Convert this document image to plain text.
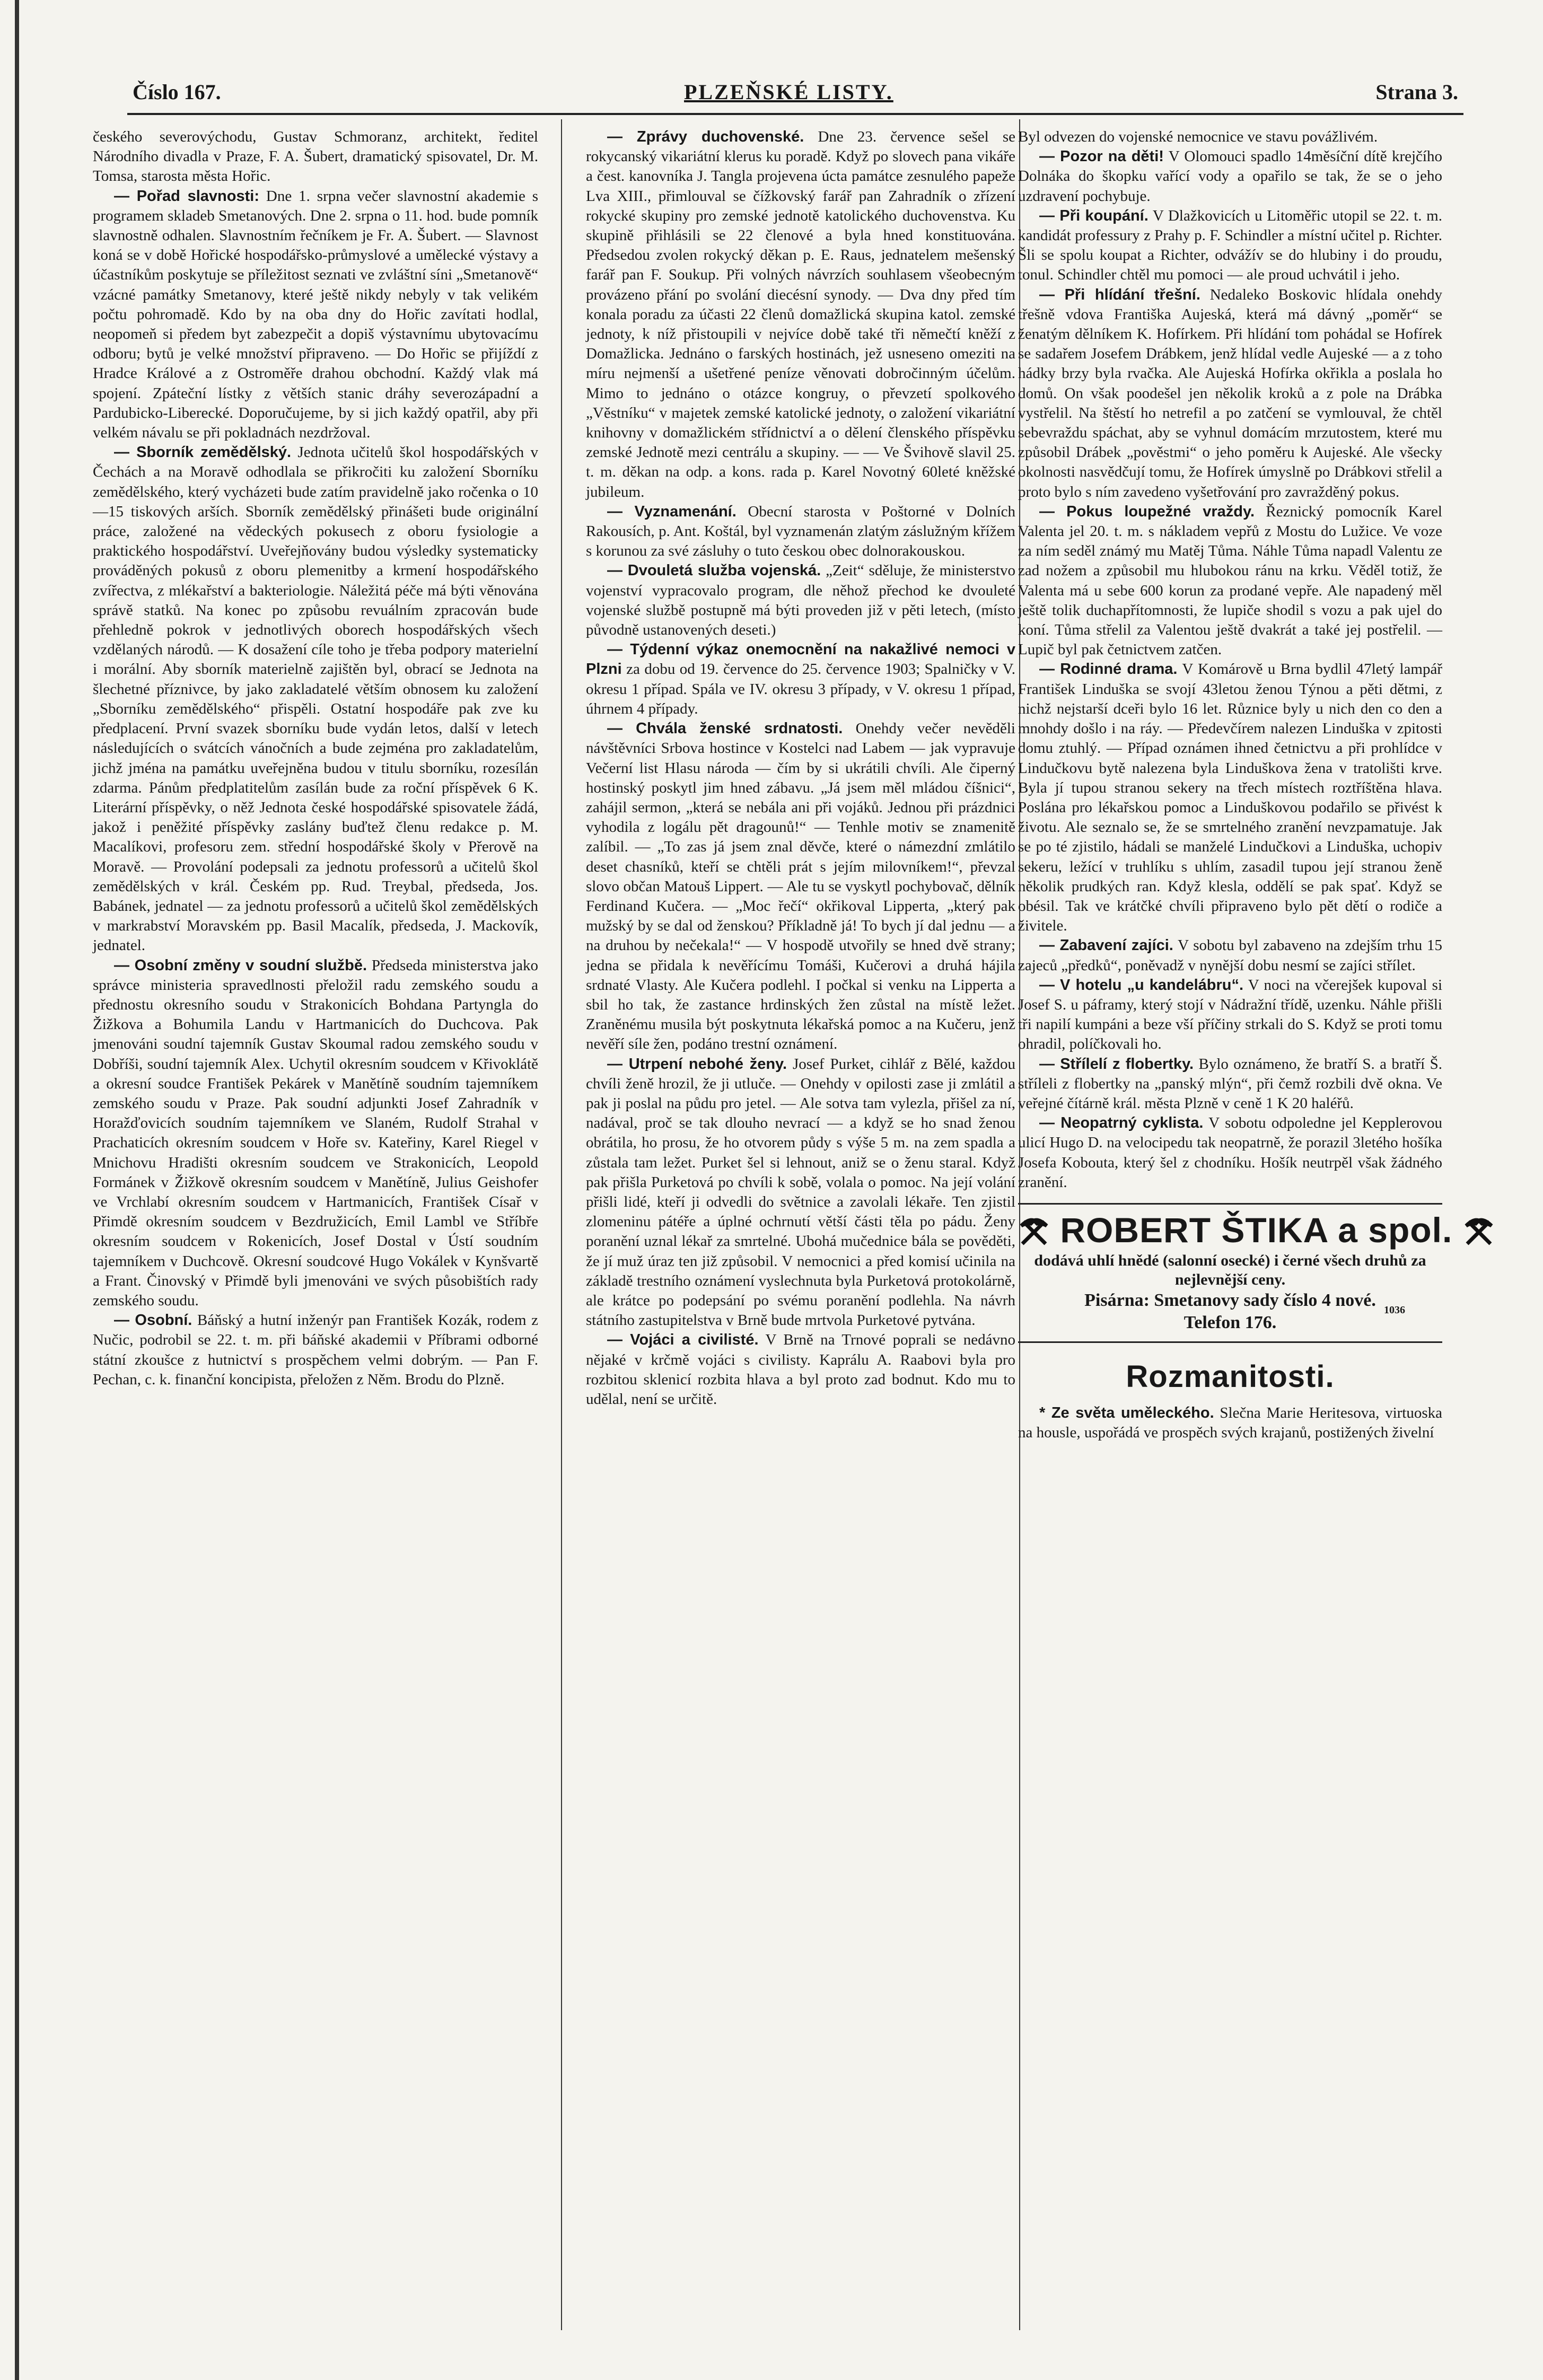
Číslo 167.	PLZEŇSKÉ LISTY.	Strana 3.

českého severovýchodu, Gustav Schmoranz, architekt, ředitel Národního divadla v Praze, F. A. Šubert, dramatický spisovatel, Dr. M. Tomsa, starosta města Hořic.

— Pořad slavnosti: Dne 1. srpna večer slavnostní akademie s programem skladeb Smetanových. Dne 2. srpna o 11. hod. bude pomník slavnostně odhalen. Slavnostním řečníkem je Fr. A. Šubert. — Slavnost koná se v době Hořické hospodářsko-průmyslové a umělecké výstavy a účastníkům poskytuje se příležitost seznati ve zvláštní síni „Smetanově“ vzácné památky Smetanovy, které ještě nikdy nebyly v tak velikém počtu pohromadě. Kdo by na oba dny do Hořic zavítati hodlal, neopomeň si předem byt zabezpečit a dopiš výstavnímu ubytovacímu odboru; bytů je velké množství připraveno. — Do Hořic se přijíždí z Hradce Králové a z Ostroměře drahou obchodní. Každý vlak má spojení. Zpáteční lístky z větších stanic dráhy severozápadní a Pardubicko-Liberecké. Doporučujeme, by si jich každý opatřil, aby při velkém návalu se při pokladnách nezdržoval.

— Sborník zemědělský. Jednota učitelů škol hospodářských v Čechách a na Moravě odhodlala se přikročiti ku založení Sborníku zemědělského, který vycházeti bude zatím pravidelně jako ročenka o 10—15 tiskových arších. Sborník zemědělský přinášeti bude originální práce, založené na vědeckých pokusech z oboru fysiologie a praktického hospodářství. Uveřejňovány budou výsledky systematicky prováděných pokusů z oboru plemenitby a krmení hospodářského zvířectva, z mlékařství a bakteriologie. Náležitá péče má býti věnována správě statků. Na konec po způsobu revuálním zpracován bude přehledně pokrok v jednotlivých oborech hospodářských všech vzdělaných národů. — K dosažení cíle toho je třeba podpory materielní i morální. Aby sborník materielně zajištěn byl, obrací se Jednota na šlechetné příznivce, by jako zakladatelé větším obnosem ku založení „Sborníku zemědělského“ přispěli. Ostatní hospodáře pak zve ku předplacení. První svazek sborníku bude vydán letos, další v letech následujících o svátcích vánočních a bude zejména pro zakladatelům, jichž jména na památku uveřejněna budou v titulu sborníku, rozesílán zdarma. Pánům předplatitelům zasílán bude za roční příspěvek 6 K. Literární příspěvky, o něž Jednota české hospodářské spisovatele žádá, jakož i peněžité příspěvky zaslány buďtež členu redakce p. M. Macalíkovi, profesoru zem. střední hospodářské školy v Přerově na Moravě. — Provolání podepsali za jednotu professorů a učitelů škol zemědělských v král. Českém pp. Rud. Treybal, předseda, Jos. Babánek, jednatel — za jednotu professorů a učitelů škol zemědělských v markrabství Moravském pp. Basil Macalík, předseda, J. Mackovík, jednatel.

— Osobní změny v soudní službě. Předseda ministerstva jako správce ministeria spravedlnosti přeložil radu zemského soudu a přednostu okresního soudu v Strakonicích Bohdana Partyngla do Žižkova a Bohumila Landu v Hartmanicích do Duchcova. Pak jmenováni soudní tajemník Gustav Skoumal radou zemského soudu v Dobříši, soudní tajemník Alex. Uchytil okresním soudcem v Křivoklátě a okresní soudce František Pekárek v Manětíně soudním tajemníkem zemského soudu v Praze. Pak soudní adjunkti Josef Zahradník v Horažďovicích soudním tajemníkem ve Slaném, Rudolf Strahal v Prachaticích okresním soudcem v Hoře sv. Kateřiny, Karel Riegel v Mnichovu Hradišti okresním soudcem ve Strakonicích, Leopold Formánek v Žižkově okresním soudcem v Manětíně, Julius Geishofer ve Vrchlabí okresním soudcem v Hartmanicích, František Císař v Přimdě okresním soudcem v Bezdružicích, Emil Lambl ve Stříbře okresním soudcem v Rokenicích, Josef Dostal v Ústí soudním tajemníkem v Duchcově. Okresní soudcové Hugo Vokálek v Kynšvartě a Frant. Činovský v Přimdě byli jmenováni ve svých působištích rady zemského soudu.

— Osobní. Báňský a hutní inženýr pan František Kozák, rodem z Nučic, podrobil se 22. t. m. při báňské akademii v Příbrami odborné státní zkoušce z hutnictví s prospěchem velmi dobrým. — Pan F. Pechan, c. k. finanční koncipista, přeložen z Něm. Brodu do Plzně.

— Zprávy duchovenské. Dne 23. července sešel se rokycanský vikariátní klerus ku poradě. Když po slovech pana vikáře a čest. kanovníka J. Tangla projevena úcta památce zesnulého papeže Lva XIII., přimlouval se čížkovský farář pan Zahradník o zřízení rokycké skupiny pro zemské jednotě katolického duchovenstva. Ku skupině přihlásili se 22 členové a byla hned konstituována. Předsedou zvolen rokycký děkan p. E. Raus, jednatelem mešenský farář pan F. Soukup. Při volných návrzích souhlasem všeobecným provázeno přání po svolání diecésní synody. — Dva dny před tím konala poradu za účasti 22 členů domažlická skupina katol. zemské jednoty, k níž přistoupili v nejvíce době také tři němečtí kněží z Domažlicka. Jednáno o farských hostinách, jež usneseno omeziti na míru nejmenší a ušetřené peníze věnovati dobročinným účelům. Mimo to jednáno o otázce kongruy, o převzetí spolkového „Věstníku“ v majetek zemské katolické jednoty, o založení vikariátní knihovny v domažlickém střídnictví a o dělení členského příspěvku zemské Jednotě mezi centrálu a skupiny. — — Ve Švihově slavil 25. t. m. děkan na odp. a kons. rada p. Karel Novotný 60leté kněžské jubileum.

— Vyznamenání. Obecní starosta v Poštorné v Dolních Rakousích, p. Ant. Koštál, byl vyznamenán zlatým záslužným křížem s korunou za své zásluhy o tuto českou obec dolnorakouskou.

— Dvouletá služba vojenská. „Zeit“ sděluje, že ministerstvo vojenství vypracovalo program, dle něhož přechod ke dvouleté vojenské službě postupně má býti proveden již v pěti letech, (místo původně ustanovených deseti.)

— Týdenní výkaz onemocnění na nakažlivé nemoci v Plzni za dobu od 19. července do 25. července 1903; Spalničky v V. okresu 1 případ. Spála ve IV. okresu 3 případy, v V. okresu 1 případ, úhrnem 4 případy.

— Chvála ženské srdnatosti. Onehdy večer nevěděli návštěvníci Srbova hostince v Kostelci nad Labem — jak vypravuje Večerní list Hlasu národa — čím by si ukrátili chvíli. Ale čiperný hostinský poskytl jim hned zábavu. „Já jsem měl mládou číšnici“, zahájil sermon, „která se nebála ani při vojáků. Jednou při prázdnici vyhodila z logálu pět dragounů!“ — Tenhle motiv se znamenitě zalíbil. — „To zas já jsem znal děvče, které o námezdní zmlátilo deset chasníků, kteří se chtěli prát s jejím milovníkem!“, převzal slovo občan Matouš Lippert. — Ale tu se vyskytl pochybovač, dělník Ferdinand Kučera. — „Moc řečí“ okřikoval Lipperta, „který pak mužský by se dal od ženskou? Příkladně já! To bych jí dal jednu — a na druhou by nečekala!“ — V hospodě utvořily se hned dvě strany; jedna se přidala k nevěřícímu Tomáši, Kučerovi a druhá hájila srdnaté Vlasty. Ale Kučera podlehl. I počkal si venku na Lipperta a sbil ho tak, že zastance hrdinských žen zůstal na místě ležet. Zraněnému musila být poskytnuta lékařská pomoc a na Kučeru, jenž nevěří síle žen, podáno trestní oznámení.

— Utrpení nebohé ženy. Josef Purket, cihlář z Bělé, každou chvíli ženě hrozil, že ji utluče. — Onehdy v opilosti zase ji zmlátil a pak ji poslal na půdu pro jetel. — Ale sotva tam vylezla, přišel za ní, nadával, proč se tak dlouho nevrací — a když se ho snad ženou obrátila, ho prosu, že ho otvorem půdy s výše 5 m. na zem spadla a zůstala tam ležet. Purket šel si lehnout, aniž se o ženu staral. Když pak přišla Purketová po chvíli k sobě, volala o pomoc. Na její volání přišli lidé, kteří ji odvedli do světnice a zavolali lékaře. Ten zjistil zlomeninu pátéře a úplné ochrnutí větší části těla po pádu. Ženy poranění uznal lékař za smrtelné. Ubohá mučednice bála se pověděti, že jí muž úraz ten již způsobil. V nemocnici a před komisí učinila na základě trestního oznámení vyslechnuta byla Purketová protokolárně, ale krátce po podepsání po svému poranění podlehla. Na návrh státního zastupitelstva v Brně bude mrtvola Purketové pytvána.

— Vojáci a civilisté. V Brně na Trnové poprali se nedávno nějaké v krčmě vojáci s civilisty. Kaprálu A. Raabovi byla pro rozbitou sklenicí rozbita hlava a byl proto zad bodnut. Kdo mu to udělal, není se určitě.

Byl odvezen do vojenské nemocnice ve stavu povážlivém.

— Pozor na děti! V Olomouci spadlo 14měsíční dítě krejčího Dolnáka do škopku vařící vody a opařilo se tak, že se o jeho uzdravení pochybuje.

— Při koupání. V Dlažkovicích u Litoměřic utopil se 22. t. m. kandidát professury z Prahy p. F. Schindler a místní učitel p. Richter. Šli se spolu koupat a Richter, odvážív se do hlubiny i do proudu, tonul. Schindler chtěl mu pomoci — ale proud uchvátil i jeho.

— Při hlídání třešní. Nedaleko Boskovic hlídala onehdy třešně vdova Františka Aujeská, která má dávný „poměr“ se ženatým dělníkem K. Hofírkem. Při hlídání tom pohádal se Hofírek se sadařem Josefem Drábkem, jenž hlídal vedle Aujeské — a z toho hádky brzy byla rvačka. Ale Aujeská Hofírka okřikla a poslala ho domů. On však poodešel jen několik kroků a z pole na Drábka vystřelil. Na štěstí ho netrefil a po zatčení se vymlouval, že chtěl sebevraždu spáchat, aby se vyhnul domácím mrzutostem, které mu způsobil Drábek „pověstmi“ o jeho poměru k Aujeské. Ale všecky okolnosti nasvědčují tomu, že Hofírek úmyslně po Drábkovi střelil a proto bylo s ním zavedeno vyšetřování pro zavražděný pokus.

— Pokus loupežné vraždy. Řeznický pomocník Karel Valenta jel 20. t. m. s nákladem vepřů z Mostu do Lužice. Ve voze za ním seděl známý mu Matěj Tůma. Náhle Tůma napadl Valentu ze zad nožem a způsobil mu hlubokou ránu na krku. Věděl totiž, že Valenta má u sebe 600 korun za prodané vepře. Ale napadený měl ještě tolik duchapřítomnosti, že lupiče shodil s vozu a pak ujel do koní. Tůma střelil za Valentou ještě dvakrát a také jej postřelil. — Lupič byl pak četnictvem zatčen.

— Rodinné drama. V Komárově u Brna bydlil 47letý lampář František Linduška se svojí 43letou ženou Týnou a pěti dětmi, z nichž nejstarší dceři bylo 16 let. Různice byly u nich den co den a mnohdy došlo i na ráy. — Předevčírem nalezen Linduška v zpitosti domu ztuhlý. — Případ oznámen ihned četnictvu a při prohlídce v Lindučkovu bytě nalezena byla Linduškova žena v tratolišti krve. Byla jí tupou stranou sekery na třech místech roztříštěna hlava. Poslána pro lékařskou pomoc a Linduškovou podařilo se přivést k životu. Ale seznalo se, že se smrtelného zranění nevzpamatuje. Jak se po té zjistilo, hádali se manželé Lindučkovi a Linduška, uchopiv sekeru, ležící v truhlíku s uhlím, zasadil tupou její stranou ženě několik prudkých ran. Když klesla, oddělí se pak spať. Když se obésil. Tak ve krátčké chvíli připraveno bylo pět dětí o rodiče a živitele.

— Zabavení zajíci. V sobotu byl zabaveno na zdejším trhu 15 zajeců „předků“, poněvadž v nynější dobu nesmí se zajíci střílet.

— V hotelu „u kandelábru“. V noci na včerejšek kupoval si Josef S. u páframy, který stojí v Nádražní třídě, uzenku. Náhle přišli tři napilí kumpáni a beze vší příčiny strkali do S. Když se proti tomu ohradil, políčkovali ho.

— Střílelí z flobertky. Bylo oznámeno, že bratří S. a bratří Š. stříleli z flobertky na „panský mlýn“, při čemž rozbili dvě okna. Ve veřejné čítárně král. města Plzně v ceně 1 K 20 haléřů.

— Neopatrný cyklista. V sobotu odpoledne jel Kepplerovou ulicí Hugo D. na velocipedu tak neopatrně, že porazil 3letého hošíka Josefa Kobouta, který šel z chodníku. Hošík neutrpěl však žádného zranění.

ROBERT ŠTIKA a spol.
dodává uhlí hnědé (salonní osecké) i černé všech druhů za nejlevnější ceny.
Pisárna: Smetanovy sady číslo 4 nové. 1036
Telefon 176.
Rozmanitosti.

* Ze světa uměleckého. Slečna Marie Heritesova, virtuoska na housle, uspořádá ve prospěch svých krajanů, postižených živelní
